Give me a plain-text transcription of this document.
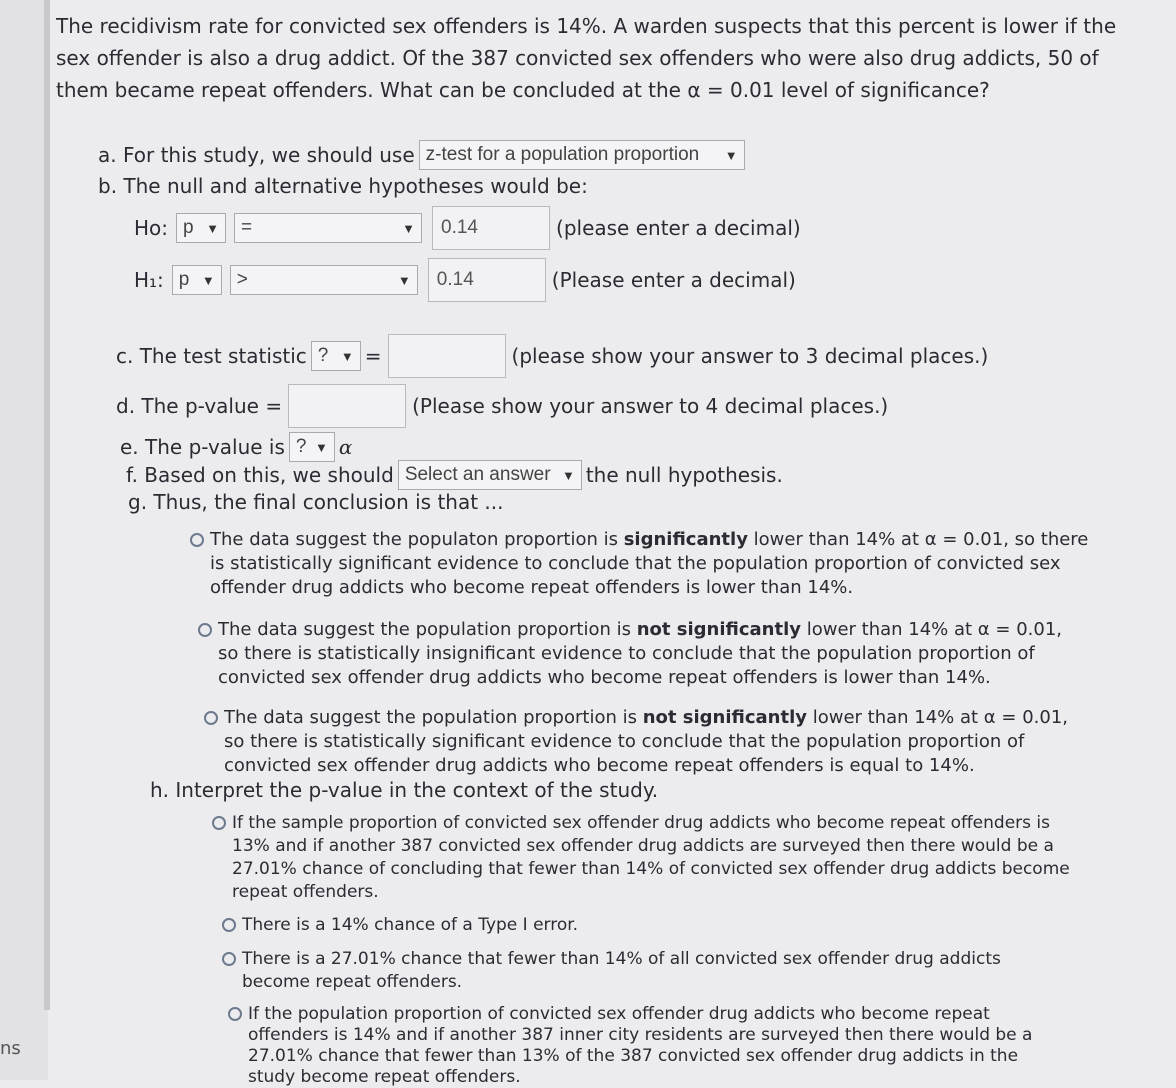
ns

The recidivism rate for convicted sex offenders is 14%. A warden suspects that this percent is lower if the sex offender is also a drug addict. Of the 387 convicted sex offenders who were also drug addicts, 50 of them became repeat offenders. What can be concluded at the α = 0.01 level of significance?

a. For this study, we should use z-test for a population proportion ▼
b. The null and alternative hypotheses would be:
Ho: p ▼ =	▼	0.14	(please enter a decimal)
H₁: p ▼ >	▼	0.14	(Please enter a decimal)
c. The test statistic ? ▼ =	(please show your answer to 3 decimal places.)
d. The p-value =	(Please show your answer to 4 decimal places.)
e. The p-value is ? ▼ α
f. Based on this, we should Select an answer ▼ the null hypothesis.
g. Thus, the final conclusion is that ...
The data suggest the populaton proportion is significantly lower than 14% at α = 0.01, so there is statistically significant evidence to conclude that the population proportion of convicted sex offender drug addicts who become repeat offenders is lower than 14%.
The data suggest the population proportion is not significantly lower than 14% at α = 0.01, so there is statistically insignificant evidence to conclude that the population proportion of convicted sex offender drug addicts who become repeat offenders is lower than 14%.
The data suggest the population proportion is not significantly lower than 14% at α = 0.01, so there is statistically significant evidence to conclude that the population proportion of convicted sex offender drug addicts who become repeat offenders is equal to 14%.
h. Interpret the p-value in the context of the study.
If the sample proportion of convicted sex offender drug addicts who become repeat offenders is 13% and if another 387 convicted sex offender drug addicts are surveyed then there would be a 27.01% chance of concluding that fewer than 14% of convicted sex offender drug addicts become repeat offenders.
There is a 14% chance of a Type I error.
There is a 27.01% chance that fewer than 14% of all convicted sex offender drug addicts become repeat offenders.
If the population proportion of convicted sex offender drug addicts who become repeat offenders is 14% and if another 387 inner city residents are surveyed then there would be a 27.01% chance that fewer than 13% of the 387 convicted sex offender drug addicts in the study become repeat offenders.
